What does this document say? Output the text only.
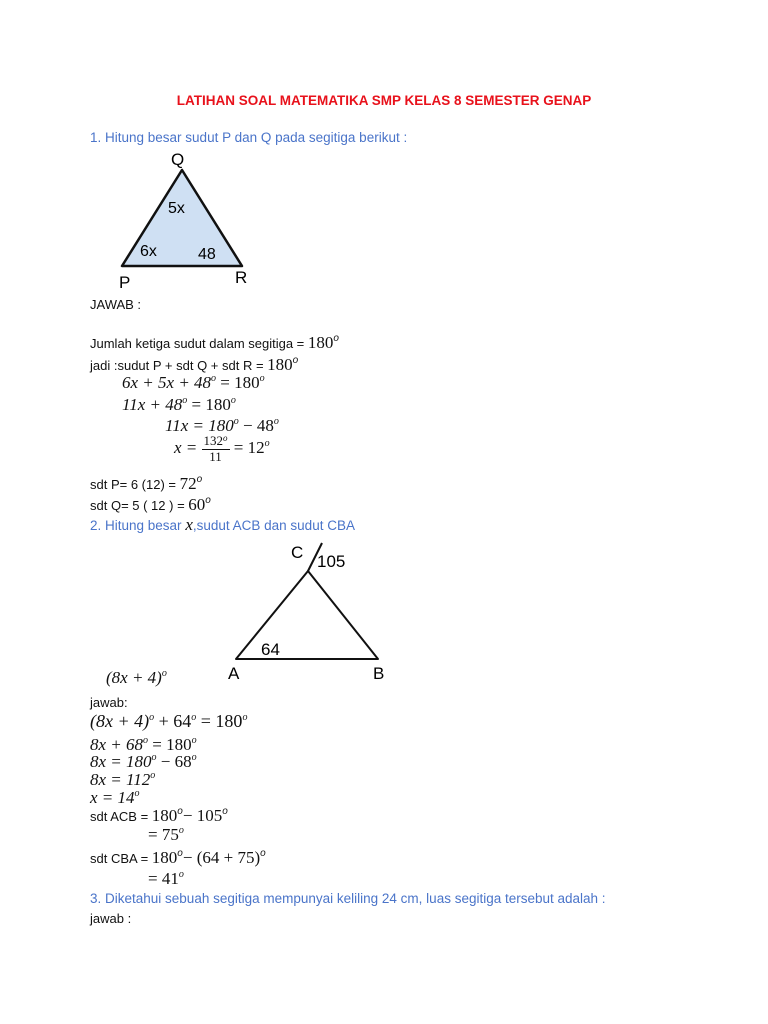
LATIHAN SOAL MATEMATIKA SMP KELAS 8 SEMESTER GENAP
1. Hitung besar sudut P dan Q pada segitiga berikut :
Q
P	R
5x
6x	48
JAWAB :
Jumlah ketiga sudut dalam segitiga = $180^o$
jadi :sudut P + sdt Q + sdt $R = 180^o$
$6x + 5x + 48^o = 180^o$
$11x + 48^o = 180^o$
$11x = 180^o - 48^o$
$x = \frac{132^o}{11} = 12^o$
sdt P= 6 $(12) = 72^o$
sdt Q= 5 ( 12 ) = $60^o$
2. Hitung besar x,sudut ACB dan sudut CBA
C 105
A	B
64
$(8x + 4)^o$
jawab:
$(8x + 4)^o + 64^o = 180^o$
$8x + 68^o = 180^o$
$8x = 180^o - 68^o$
$8x = 112^o$
$x = 14^o$
sdt ACB = $180^o- 105^o$
= $75^o$
sdt CBA = $180^o- (64 + 75)^o$
= $41^o$
3. Diketahui sebuah segitiga mempunyai keliling 24 cm, luas segitiga tersebut adalah :
jawab :
